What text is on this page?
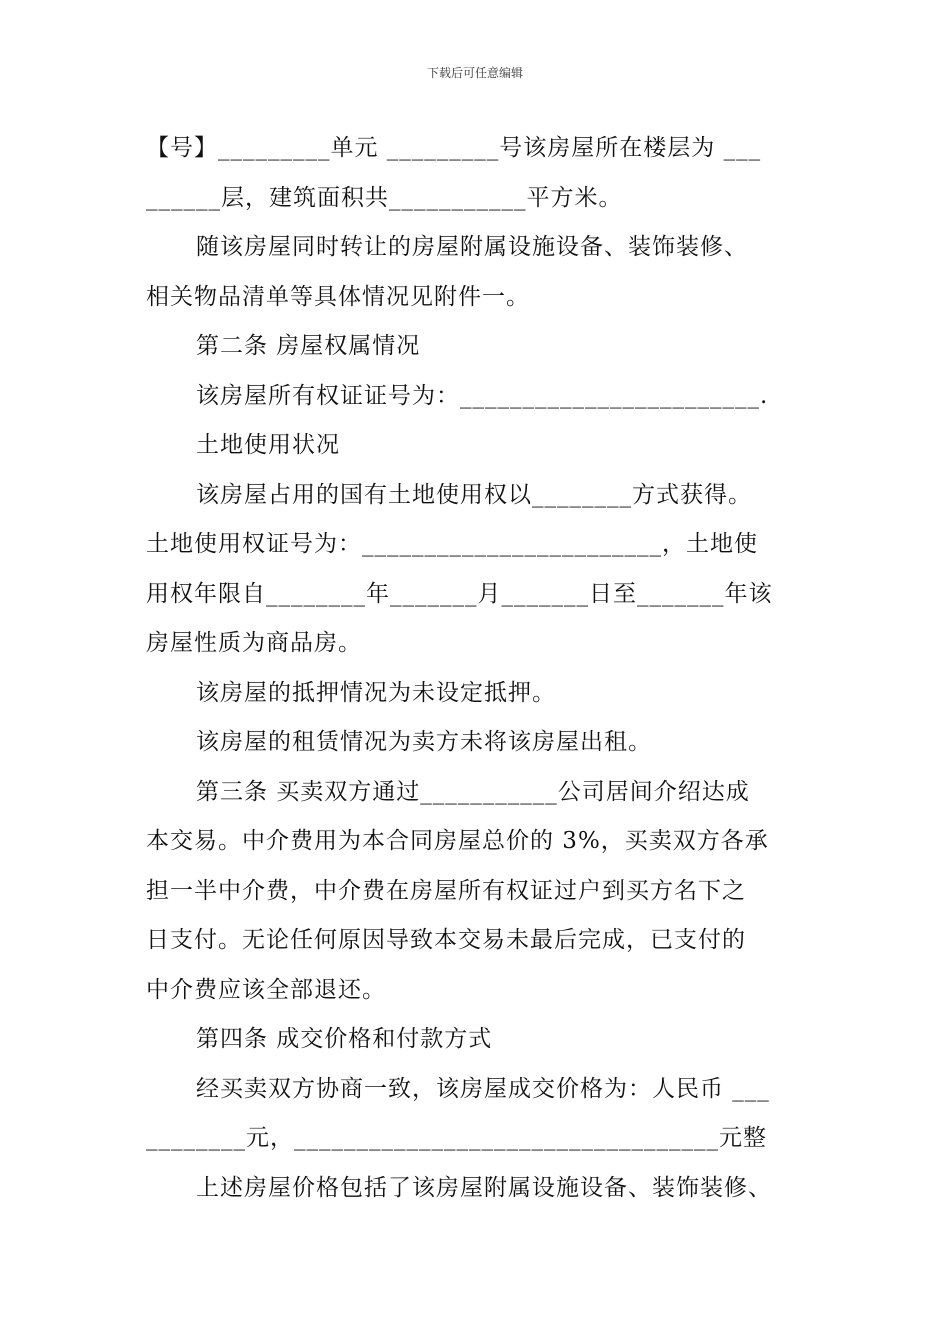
下载后可任意编辑
【号】_________单元 _________号该房屋所在楼层为 ___
______层，建筑面积共___________平方米。
随该房屋同时转让的房屋附属设施设备、装饰装修、
相关物品清单等具体情况见附件一。
第二条 房屋权属情况
该房屋所有权证证号为：________________________.
土地使用状况
该房屋占用的国有土地使用权以________方式获得。
土地使用权证号为：________________________，土地使
用权年限自________年_______月_______日至_______年该
房屋性质为商品房。
该房屋的抵押情况为未设定抵押。
该房屋的租赁情况为卖方未将该房屋出租。
第三条 买卖双方通过___________公司居间介绍达成
本交易。中介费用为本合同房屋总价的 3%，买卖双方各承
担一半中介费，中介费在房屋所有权证过户到买方名下之
日支付。无论任何原因导致本交易未最后完成，已支付的
中介费应该全部退还。
第四条 成交价格和付款方式
经买卖双方协商一致，该房屋成交价格为：人民币 ___
________元，__________________________________元整
上述房屋价格包括了该房屋附属设施设备、装饰装修、
